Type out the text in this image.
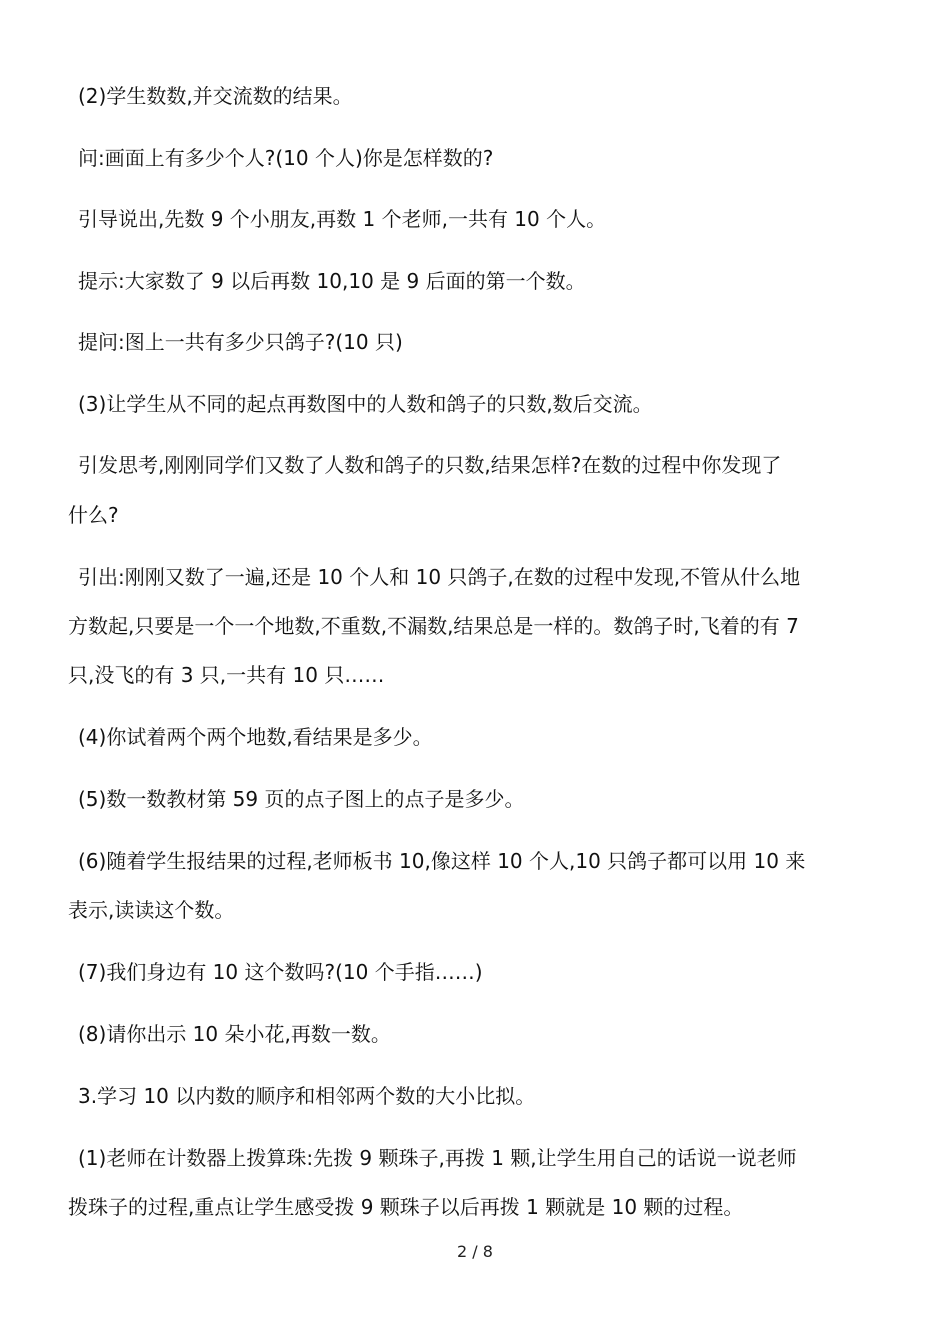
(2)学生数数,并交流数的结果。
问:画面上有多少个人?(10 个人)你是怎样数的?
引导说出,先数 9 个小朋友,再数 1 个老师,一共有 10 个人。
提示:大家数了 9 以后再数 10,10 是 9 后面的第一个数。
提问:图上一共有多少只鸽子?(10 只)
(3)让学生从不同的起点再数图中的人数和鸽子的只数,数后交流。
引发思考,刚刚同学们又数了人数和鸽子的只数,结果怎样?在数的过程中你发现了
什么?
引出:刚刚又数了一遍,还是 10 个人和 10 只鸽子,在数的过程中发现,不管从什么地
方数起,只要是一个一个地数,不重数,不漏数,结果总是一样的。数鸽子时,飞着的有 7
只,没飞的有 3 只,一共有 10 只……
(4)你试着两个两个地数,看结果是多少。
(5)数一数教材第 59 页的点子图上的点子是多少。
(6)随着学生报结果的过程,老师板书 10,像这样 10 个人,10 只鸽子都可以用 10 来
表示,读读这个数。
(7)我们身边有 10 这个数吗?(10 个手指……)
(8)请你出示 10 朵小花,再数一数。
3.学习 10 以内数的顺序和相邻两个数的大小比拟。
(1)老师在计数器上拨算珠:先拨 9 颗珠子,再拨 1 颗,让学生用自己的话说一说老师
拨珠子的过程,重点让学生感受拨 9 颗珠子以后再拨 1 颗就是 10 颗的过程。
2 / 8
